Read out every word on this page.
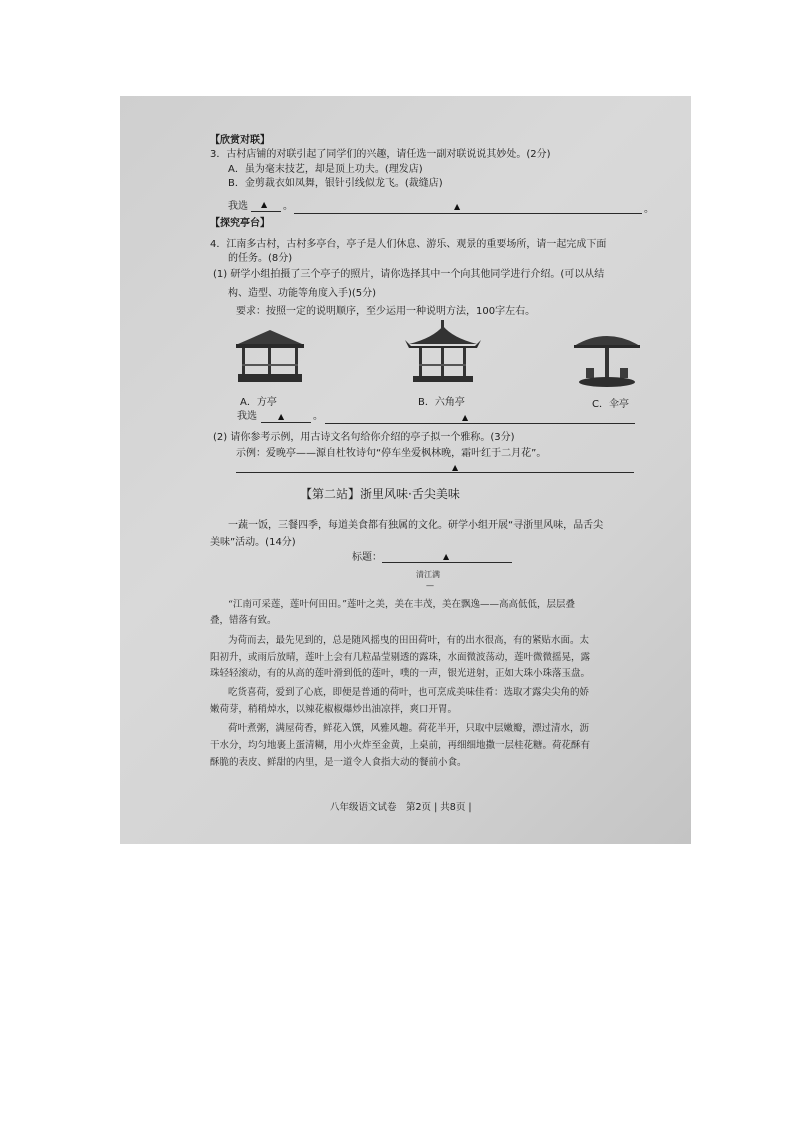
【欣赏对联】
3．古村店铺的对联引起了同学们的兴趣，请任选一副对联说说其妙处。(2分)
A．虽为毫末技艺，却是顶上功夫。(理发店)
B．金剪裁衣如凤舞，银针引线似龙飞。(裁缝店)
我选 ▲ 。	▲	。
【探究亭台】
4．江南多古村，古村多亭台，亭子是人们休息、游乐、观景的重要场所，请一起完成下面
的任务。(8分)
(1) 研学小组拍摄了三个亭子的照片，请你选择其中一个向其他同学进行介绍。(可以从结
构、造型、功能等角度入手)(5分)
要求：按照一定的说明顺序，至少运用一种说明方法，100字左右。
A．方亭	B．六角亭	C．伞亭
我选	▲	。	▲
(2) 请你参考示例，用古诗文名句给你介绍的亭子拟一个雅称。(3分)
示例：爱晚亭——源自杜牧诗句“停车坐爱枫林晚，霜叶红于二月花”。
▲
【第二站】浙里风味·舌尖美味
一蔬一饭，三餐四季，每道美食都有独属的文化。研学小组开展“寻浙里风味，品舌尖
美味”活动。(14分)
标题：	▲
清江满
—
“江南可采莲，莲叶何田田。”莲叶之美，美在丰茂，美在飘逸——高高低低，层层叠
叠，错落有致。
为荷而去，最先见到的，总是随风摇曳的田田荷叶，有的出水很高，有的紧贴水面。太
阳初升，或雨后放晴，莲叶上会有几粒晶莹剔透的露珠，水面微波荡动，莲叶微微摇晃，露
珠轻轻滚动，有的从高的莲叶滑到低的莲叶，噗的一声，银光迸射，正如大珠小珠落玉盘。
吃货喜荷，爱到了心底，即便是普通的荷叶，也可烹成美味佳肴：选取才露尖尖角的娇
嫩荷芽，稍稍焯水，以辣花椒椒爆炒出油凉拌，爽口开胃。
荷叶煮粥，满屋荷香，鲜花入馔，风雅风趣。荷花半开，只取中层嫩瓣，漂过清水，沥
干水分，均匀地裹上蛋清糊，用小火炸至金黄，上桌前，再细细地撒一层桂花糖。荷花酥有
酥脆的表皮、鲜甜的内里，是一道令人食指大动的餐前小食。
八年级语文试卷　第2页 | 共8页 |
